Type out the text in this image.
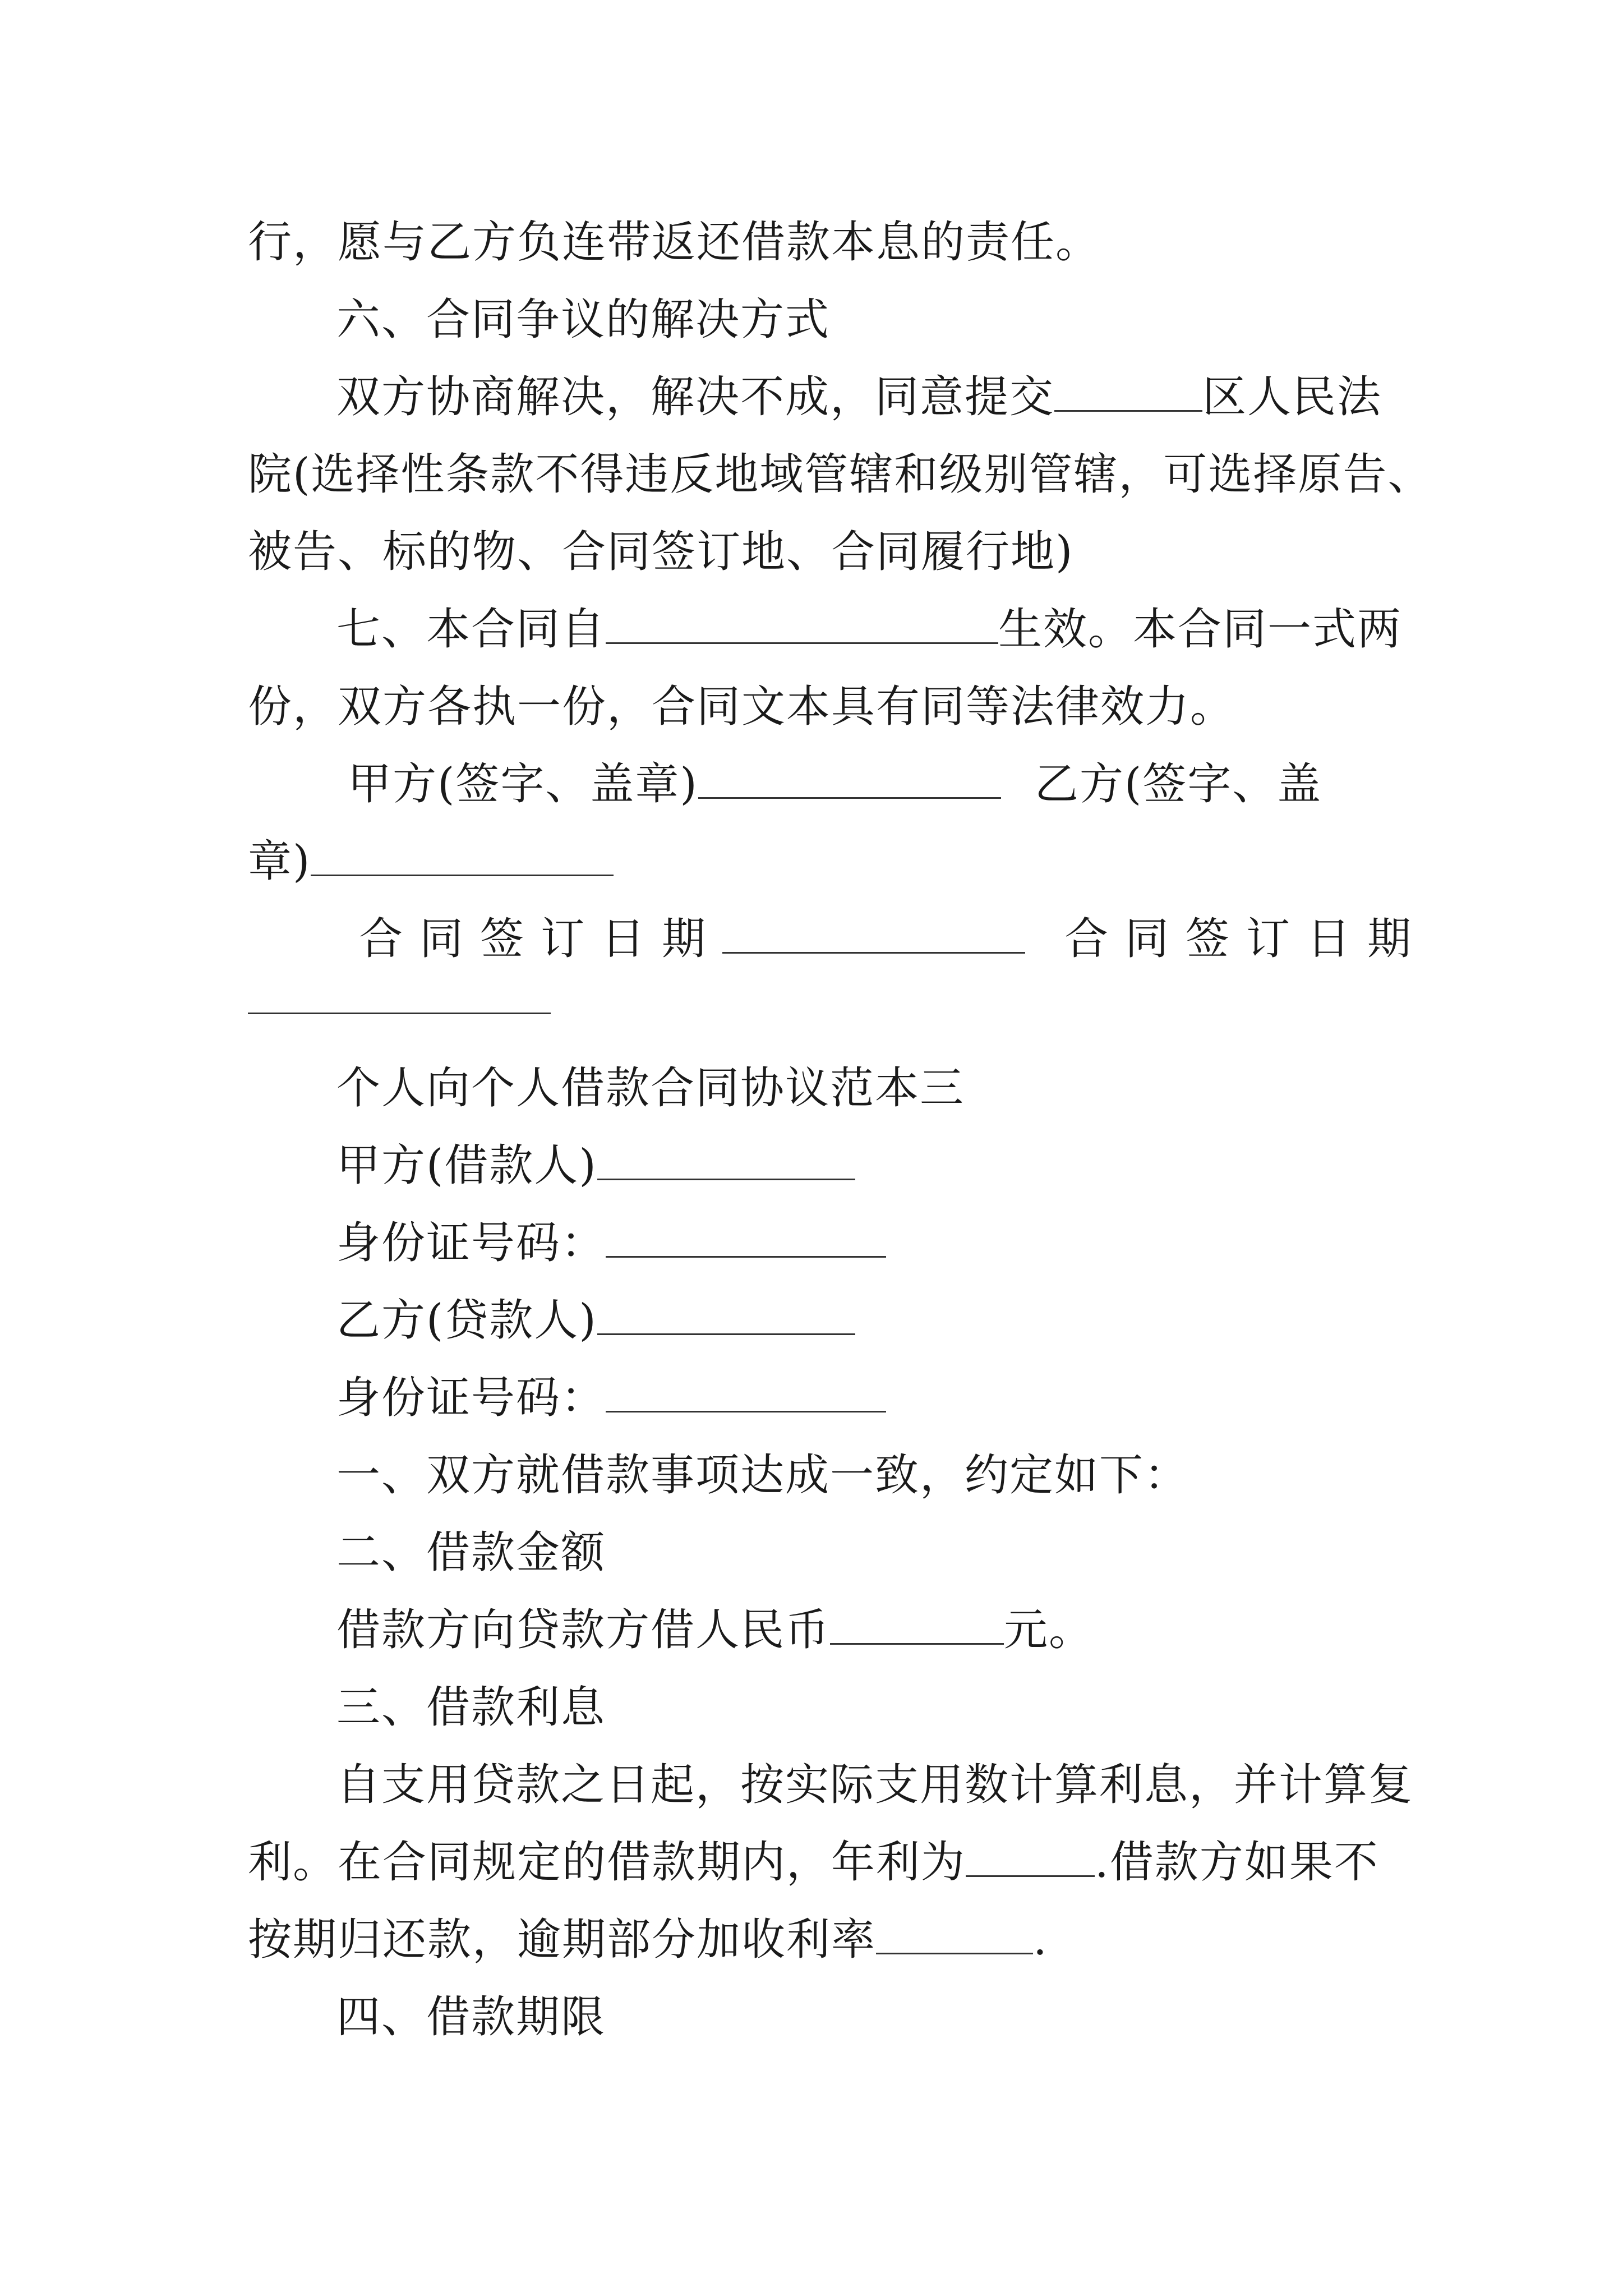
行，愿与乙方负连带返还借款本息的责任。
六、合同争议的解决方式
双方协商解决，解决不成，同意提交	区人民法
院(选择性条款不得违反地域管辖和级别管辖，可选择原告、
被告、标的物、合同签订地、合同履行地)
七、本合同自	生效。本合同一式两
份，双方各执一份，合同文本具有同等法律效力。
甲方(签字、盖章)	乙方(签字、盖
章)
合同签订日期	合同签订日期
个人向个人借款合同协议范本三
甲方(借款人)
身份证号码：
乙方(贷款人)
身份证号码：
一、双方就借款事项达成一致，约定如下：
二、借款金额
借款方向贷款方借人民币	元。
三、借款利息
自支用贷款之日起，按实际支用数计算利息，并计算复
利。在合同规定的借款期内，年利为	.借款方如果不
按期归还款，逾期部分加收利率	.
四、借款期限
